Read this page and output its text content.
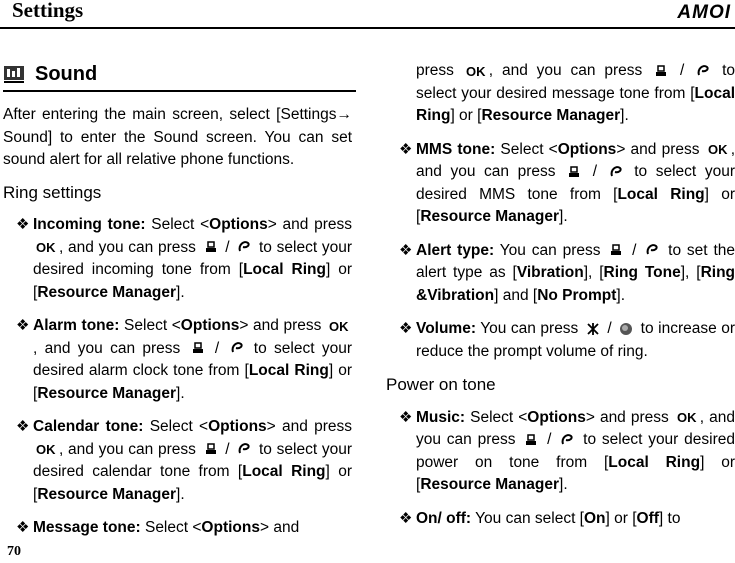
Settings	AMOI
Sound

After entering the main screen, select [Settings→ Sound] to enter the Sound screen. You can set sound alert for all relative phone functions.

Ring settings

❖ Incoming tone: Select <Options> and press , and you can press  /  to select your desired incoming tone from [Local Ring] or [Resource Manager].

❖ Alarm tone: Select <Options> and press , and you can press  /  to select your desired alarm clock tone from [Local Ring] or [Resource Manager].

❖ Calendar tone: Select <Options> and press , and you can press  /  to select your desired calendar tone from [Local Ring] or [Resource Manager].

❖ Message tone: Select <Options> and

press , and you can press  /  to select your desired message tone from [Local Ring] or [Resource Manager].

❖ MMS tone: Select <Options> and press , and you can press  /  to select your desired MMS tone from [Local Ring] or [Resource Manager].

❖ Alert type: You can press  /  to set the alert type as [Vibration], [Ring Tone], [Ring &Vibration] and [No Prompt].

❖ Volume: You can press  /  to increase or reduce the prompt volume of ring.

Power on tone

❖ Music: Select <Options> and press , and you can press  /  to select your desired power on tone from [Local Ring] or [Resource Manager].

❖ On/ off: You can select [On] or [Off] to

70
